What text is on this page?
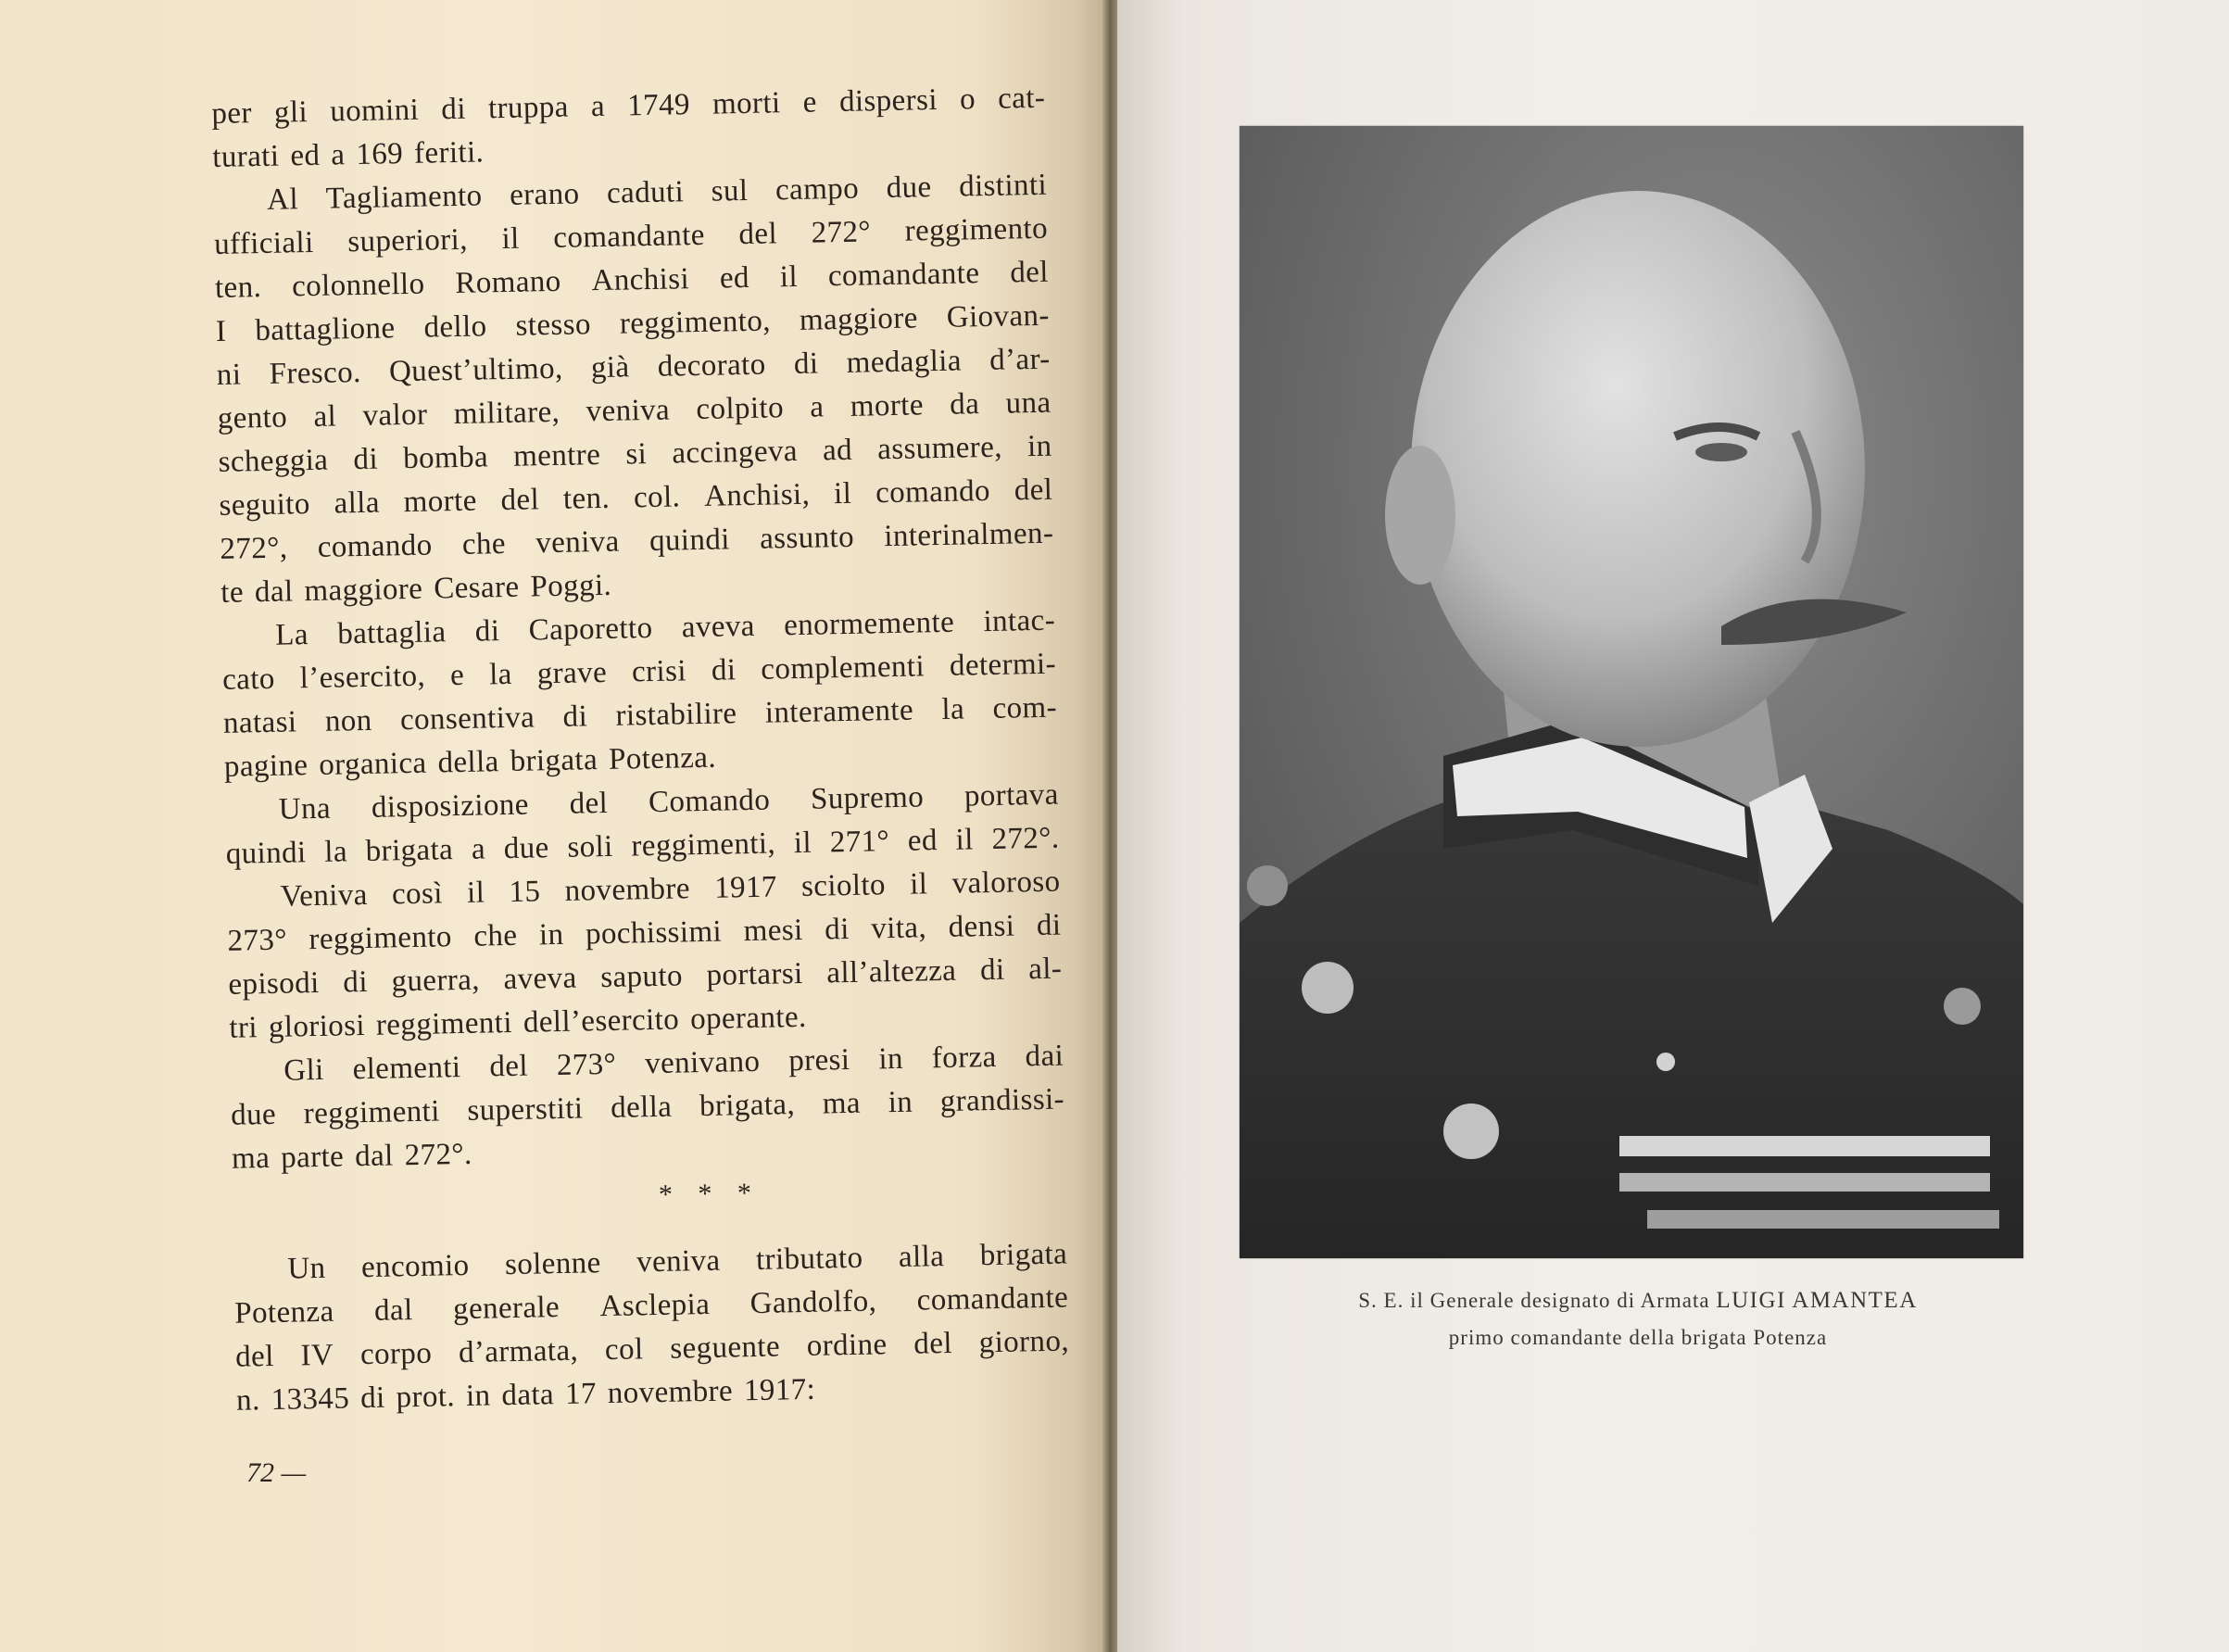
per gli uomini di truppa a 1749 morti e dispersi o cat-
turati ed a 169 feriti.
Al Tagliamento erano caduti sul campo due distinti
ufficiali superiori, il comandante del 272° reggimento
ten. colonnello Romano Anchisi ed il comandante del
I battaglione dello stesso reggimento, maggiore Giovan-
ni Fresco. Quest’ultimo, già decorato di medaglia d’ar-
gento al valor militare, veniva colpito a morte da una
scheggia di bomba mentre si accingeva ad assumere, in
seguito alla morte del ten. col. Anchisi, il comando del
272°, comando che veniva quindi assunto interinalmen-
te dal maggiore Cesare Poggi.
La battaglia di Caporetto aveva enormemente intac-
cato l’esercito, e la grave crisi di complementi determi-
natasi non consentiva di ristabilire interamente la com-
pagine organica della brigata Potenza.
Una disposizione del Comando Supremo portava
quindi la brigata a due soli reggimenti, il 271° ed il 272°.
Veniva così il 15 novembre 1917 sciolto il valoroso
273° reggimento che in pochissimi mesi di vita, densi di
episodi di guerra, aveva saputo portarsi all’altezza di al-
tri gloriosi reggimenti dell’esercito operante.
Gli elementi del 273° venivano presi in forza dai
due reggimenti superstiti della brigata, ma in grandissi-
ma parte dal 272°.
* * *
Un encomio solenne veniva tributato alla brigata
Potenza dal generale Asclepia Gandolfo, comandante
del IV corpo d’armata, col seguente ordine del giorno,
n. 13345 di prot. in data 17 novembre 1917:
72 —
S. E. il Generale designato di Armata LUIGI AMANTEA
primo comandante della brigata Potenza
